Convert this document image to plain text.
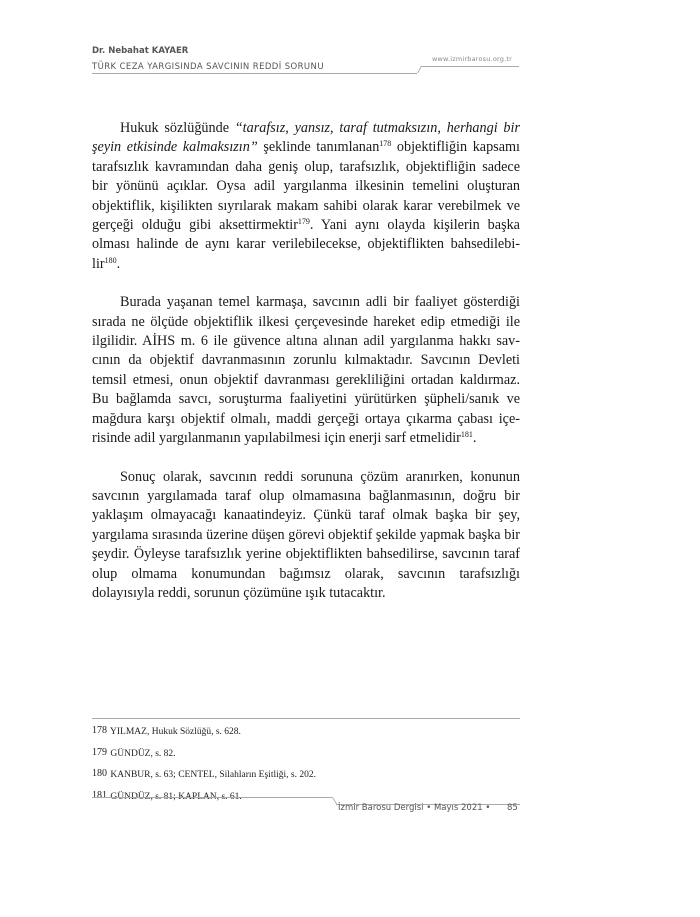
Dr. Nebahat KAYAER
TÜRK CEZA YARGISINDA SAVCININ REDDİ SORUNU
www.izmirbarosu.org.tr

Hukuk sözlüğünde “tarafsız, yansız, taraf tutmaksızın, herhangi bir şeyin etkisinde kalmaksızın” şeklinde tanımlanan$^{178}$ objektifliğin kapsamı tarafsızlık kavramından daha geniş olup, tarafsızlık, objektifliğin sadece bir yönünü açıklar. Oysa adil yargılanma ilkesinin temelini oluşturan objektiflik, kişilikten sıyrılarak makam sahibi olarak karar verebilmek ve gerçeği olduğu gibi aksettirmektir$^{179}$. Yani aynı olayda kişilerin başka olması halinde de aynı karar verilebilecekse, objektiflikten bahsedilebilir$^{180}$.

Burada yaşanan temel karmaşa, savcının adli bir faaliyet gösterdiği sırada ne ölçüde objektiflik ilkesi çerçevesinde hareket edip etmediği ile ilgilidir. AİHS m. 6 ile güvence altına alınan adil yargılanma hakkı savcının da objektif davranmasının zorunlu kılmaktadır. Savcının Devleti temsil etmesi, onun objektif davranması gerekliliğini ortadan kaldırmaz. Bu bağlamda savcı, soruşturma faaliyetini yürütürken şüpheli/sanık ve mağdura karşı objektif olmalı, maddi gerçeği ortaya çıkarma çabası içerisinde adil yargılanmanın yapılabilmesi için enerji sarf etmelidir$^{181}$.

Sonuç olarak, savcının reddi sorununa çözüm aranırken, konunun savcının yargılamada taraf olup olmamasına bağlanmasının, doğru bir yaklaşım olmayacağı kanaatindeyiz. Çünkü taraf olmak başka bir şey, yargılama sırasında üzerine düşen görevi objektif şekilde yapmak başka bir şeydir. Öyleyse tarafsızlık yerine objektiflikten bahsedilirse, savcının taraf olup olmama konumundan bağımsız olarak, savcının tarafsızlığı dolayısıyla reddi, sorunun çözümüne ışık tutacaktır.

178 YILMAZ, Hukuk Sözlüğü, s. 628.
179 GÜNDÜZ, s. 82.
180 KANBUR, s. 63; CENTEL, Silahların Eşitliği, s. 202.
181 GÜNDÜZ, s. 81; KAPLAN, s. 61.
İzmir Barosu Dergisi • Mayıs 2021 • 85
